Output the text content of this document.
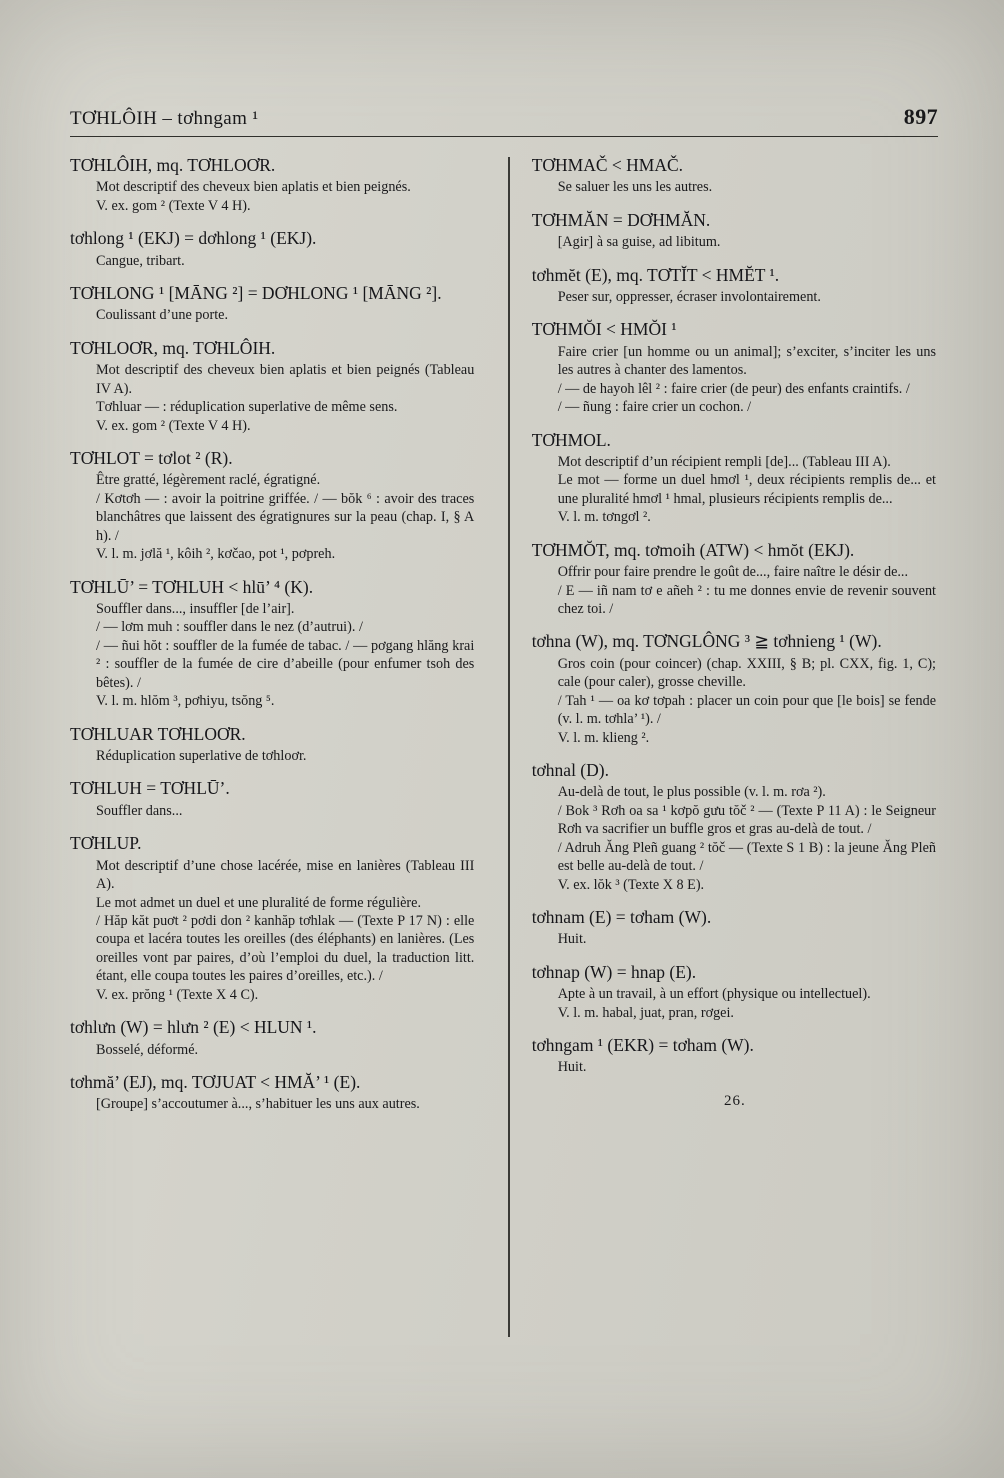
TƠHLÔIH – tơhngam ¹	897
TƠHLÔIH, mq. TƠHLOƠR.
Mot descriptif des cheveux bien aplatis et bien peignés.
V. ex. gom ² (Texte V 4 H).
tơhlong ¹ (EKJ) = dơhlong ¹ (EKJ).
Cangue, tribart.
TƠHLONG ¹ [MĀNG ²] = DƠHLONG ¹ [MĀNG ²].
Coulissant d’une porte.
TƠHLOƠR, mq. TƠHLÔIH.
Mot descriptif des cheveux bien aplatis et bien peignés (Tableau IV A).
Tơhluar — : réduplication superlative de même sens.
V. ex. gom ² (Texte V 4 H).
TƠHLOT = tơlot ² (R).
Être gratté, légèrement raclé, égratigné.
/ Kơtơh — : avoir la poitrine griffée. / — bŏk ⁶ : avoir des traces blanchâtres que laissent des égratignures sur la peau (chap. I, § A h). /
V. l. m. jơlă ¹, kôih ², kơčao, pot ¹, pơpreh.
TƠHLŪ’ = TƠHLUH < hlū’ ⁴ (K).
Souffler dans..., insuffler [de l’air].
/ — lơm muh : souffler dans le nez (d’autrui). /
/ — ñui hŏt : souffler de la fumée de tabac. / — pơgang hlăng krai ² : souffler de la fumée de cire d’abeille (pour enfumer tsoh des bêtes). /
V. l. m. hlŏm ³, pơhiyu, tsŏng ⁵.
TƠHLUAR TƠHLOƠR.
Réduplication superlative de tơhloơr.
TƠHLUH = TƠHLŪ’.
Souffler dans...
TƠHLUP.
Mot descriptif d’une chose lacérée, mise en lanières (Tableau III A).
Le mot admet un duel et une pluralité de forme régulière.
/ Hăp kăt puơt ² pơdi don ² kanhăp tơhlak — (Texte P 17 N) : elle coupa et lacéra toutes les oreilles (des éléphants) en lanières. (Les oreilles vont par paires, d’où l’emploi du duel, la traduction litt. étant, elle coupa toutes les paires d’oreilles, etc.). /
V. ex. prŏng ¹ (Texte X 4 C).
tơhlưn (W) = hlưn ² (E) < HLUN ¹.
Bosselé, déformé.
tơhmă’ (EJ), mq. TƠJUAT < HMĂ’ ¹ (E).
[Groupe] s’accoutumer à..., s’habituer les uns aux autres.
TƠHMAČ < HMAČ.
Se saluer les uns les autres.
TƠHMĂN = DƠHMĂN.
[Agir] à sa guise, ad libitum.
tơhmĕt (E), mq. TƠTĬT < HMĔT ¹.
Peser sur, oppresser, écraser involontairement.
TƠHMŎI < HMŎI ¹
Faire crier [un homme ou un animal]; s’exciter, s’inciter les uns les autres à chanter des lamentos.
/ — de hayoh lêl ² : faire crier (de peur) des enfants craintifs. /
/ — ñung : faire crier un cochon. /
TƠHMOL.
Mot descriptif d’un récipient rempli [de]... (Tableau III A).
Le mot — forme un duel hmơl ¹, deux récipients remplis de... et une pluralité hmơl ¹ hmal, plusieurs récipients remplis de...
V. l. m. tơngơl ².
TƠHMŎT, mq. tơmoih (ATW) < hmŏt (EKJ).
Offrir pour faire prendre le goût de..., faire naître le désir de...
/ E — iñ nam tơ e añeh ² : tu me donnes envie de revenir souvent chez toi. /
tơhna (W), mq. TƠNGLÔNG ³ ≧ tơhnieng ¹ (W).
Gros coin (pour coincer) (chap. XXIII, § B; pl. CXX, fig. 1, C); cale (pour caler), grosse cheville.
/ Tah ¹ — oa kơ tơpah : placer un coin pour que [le bois] se fende (v. l. m. tơhla’ ¹). /
V. l. m. klieng ².
tơhnal (D).
Au-delà de tout, le plus possible (v. l. m. rơa ²).
/ Bok ³ Rơh oa sa ¹ kơpŏ gưu tŏč ² — (Texte P 11 A) : le Seigneur Rơh va sacrifier un buffle gros et gras au-delà de tout. /
/ Adruh Ăng Pleñ guang ² tŏč — (Texte S 1 B) : la jeune Ăng Pleñ est belle au-delà de tout. /
V. ex. lŏk ³ (Texte X 8 E).
tơhnam (E) = tơham (W).
Huit.
tơhnap (W) = hnap (E).
Apte à un travail, à un effort (physique ou intellectuel).
V. l. m. habal, juat, pran, rơgei.
tơhngam ¹ (EKR) = tơham (W).
Huit.
26.
